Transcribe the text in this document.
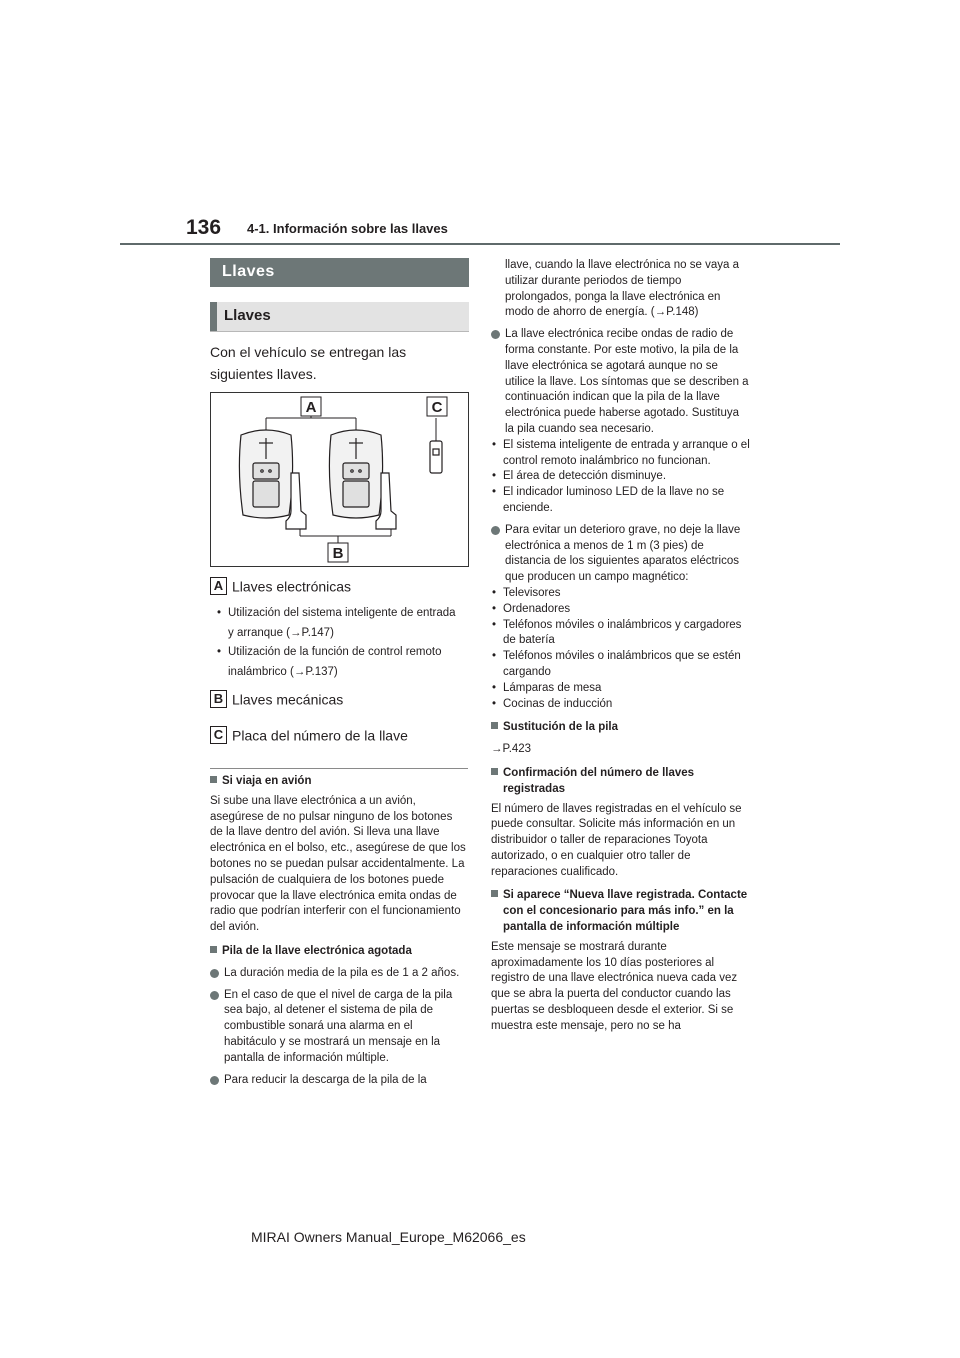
136 4-1. Información sobre las llaves
Llaves
Llaves
Con el vehículo se entregan las siguientes llaves.
A	C
B
A Llaves electrónicas
• Utilización del sistema inteligente de entrada y arranque (→P.147)
• Utilización de la función de control remoto inalámbrico (→P.137)
B Llaves mecánicas
C Placa del número de la llave

Si viaja en avión

Si sube una llave electrónica a un avión, asegúrese de no pulsar ninguno de los botones de la llave dentro del avión. Si lleva una llave electrónica en el bolso, etc., asegúrese de que los botones no se puedan pulsar accidentalmente. La pulsación de cualquiera de los botones puede provocar que la llave electrónica emita ondas de radio que podrían interferir con el funcionamiento del avión.

Pila de la llave electrónica agotada

La duración media de la pila es de 1 a 2 años.
En el caso de que el nivel de carga de la pila sea bajo, al detener el sistema de pila de combustible sonará una alarma en el habitáculo y se mostrará un mensaje en la pantalla de información múltiple.
Para reducir la descarga de la pila de la
llave, cuando la llave electrónica no se vaya a utilizar durante periodos de tiempo prolongados, ponga la llave electrónica en modo de ahorro de energía. (→P.148)
La llave electrónica recibe ondas de radio de forma constante. Por este motivo, la pila de la llave electrónica se agotará aunque no se utilice la llave. Los síntomas que se describen a continuación indican que la pila de la llave electrónica puede haberse agotado. Sustituya la pila cuando sea necesario.
• El sistema inteligente de entrada y arranque o el control remoto inalámbrico no funcionan.
• El área de detección disminuye.
• El indicador luminoso LED de la llave no se enciende.
Para evitar un deterioro grave, no deje la llave electrónica a menos de 1 m (3 pies) de distancia de los siguientes aparatos eléctricos que producen un campo magnético:
• Televisores
• Ordenadores
• Teléfonos móviles o inalámbricos y cargadores de batería
• Teléfonos móviles o inalámbricos que se estén cargando
• Lámparas de mesa
• Cocinas de inducción

Sustitución de la pila

→P.423

Confirmación del número de llaves registradas

El número de llaves registradas en el vehículo se puede consultar. Solicite más información en un distribuidor o taller de reparaciones Toyota autorizado, o en cualquier otro taller de reparaciones cualificado.

Si aparece “Nueva llave registrada. Contacte con el concesionario para más info.” en la pantalla de información múltiple

Este mensaje se mostrará durante aproximadamente los 10 días posteriores al registro de una llave electrónica nueva cada vez que se abra la puerta del conductor cuando las puertas se desbloqueen desde el exterior. Si se muestra este mensaje, pero no se ha

MIRAI Owners Manual_Europe_M62066_es
